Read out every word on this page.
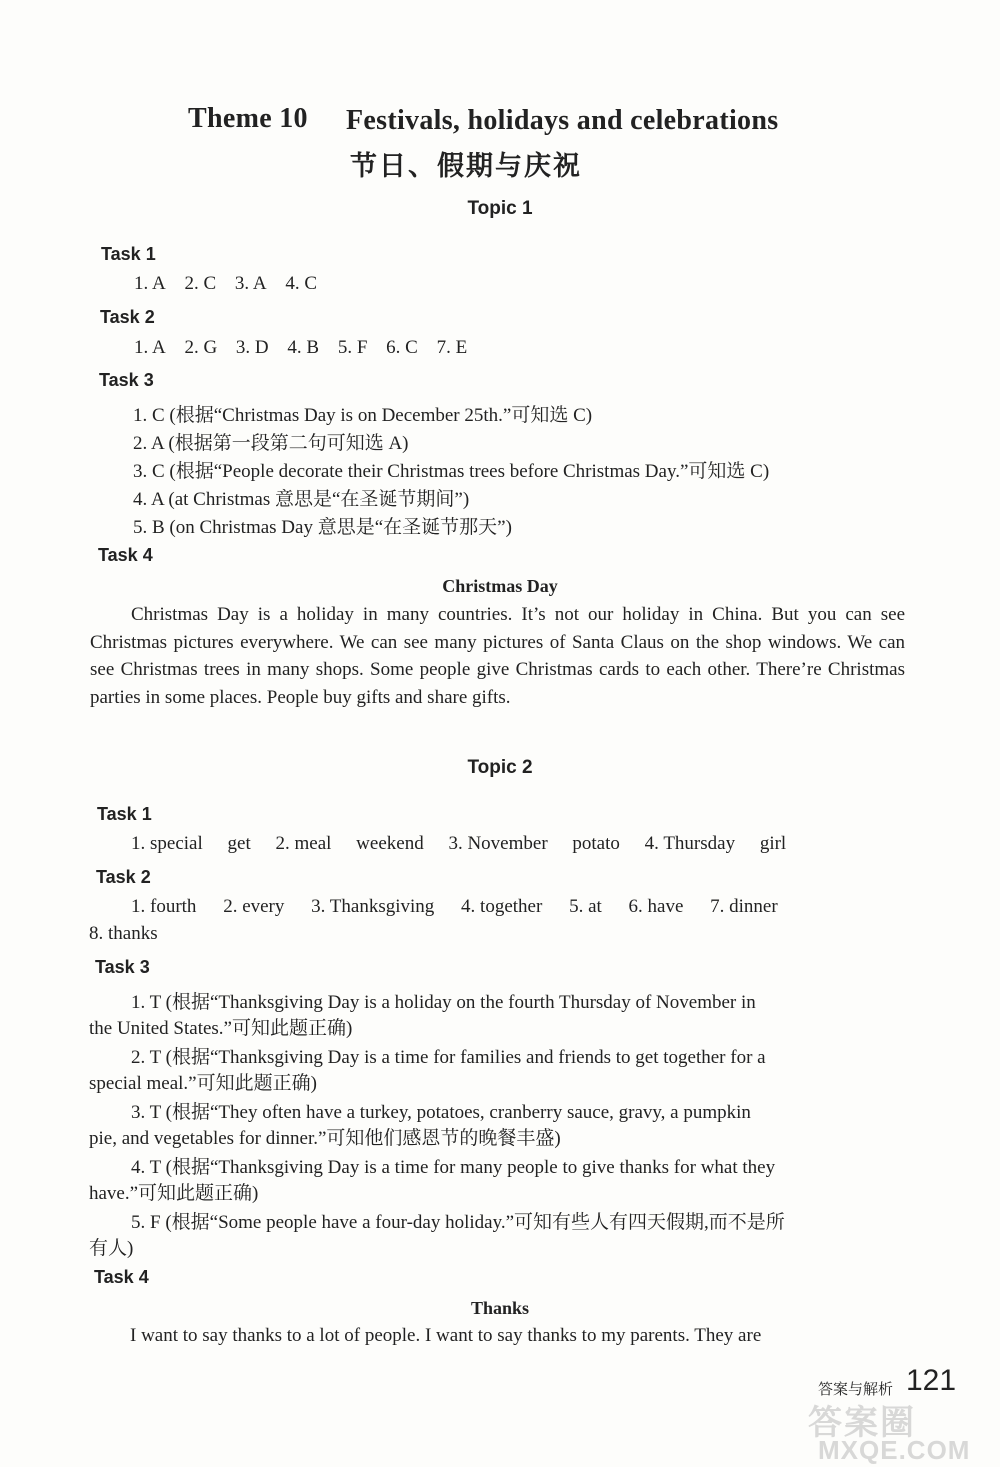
Theme 10 Festivals, holidays and celebrations
节日、假期与庆祝
Topic 1
Task 1
1. A 2. C 3. A 4. C
Task 2
1. A 2. G 3. D 4. B 5. F 6. C 7. E
Task 3
1. C (根据“Christmas Day is on December 25th.”可知选 C)
2. A (根据第一段第二句可知选 A)
3. C (根据“People decorate their Christmas trees before Christmas Day.”可知选 C)
4. A (at Christmas 意思是“在圣诞节期间”)
5. B (on Christmas Day 意思是“在圣诞节那天”)
Task 4
Christmas Day
Christmas Day is a holiday in many countries. It’s not our holiday in China. But you can see Christmas pictures everywhere. We can see many pictures of Santa Claus on the shop windows. We can see Christmas trees in many shops. Some people give Christmas cards to each other. There’re Christmas parties in some places. People buy gifts and share gifts.
Topic 2
Task 1
1. special get 2. meal weekend 3. November potato 4. Thursday girl
Task 2
1. fourth 2. every 3. Thanksgiving 4. together 5. at 6. have 7. dinner
8. thanks
Task 3
1. T (根据“Thanksgiving Day is a holiday on the fourth Thursday of November in
the United States.”可知此题正确)
2. T (根据“Thanksgiving Day is a time for families and friends to get together for a
special meal.”可知此题正确)
3. T (根据“They often have a turkey, potatoes, cranberry sauce, gravy, a pumpkin
pie, and vegetables for dinner.”可知他们感恩节的晚餐丰盛)
4. T (根据“Thanksgiving Day is a time for many people to give thanks for what they
have.”可知此题正确)
5. F (根据“Some people have a four-day holiday.”可知有些人有四天假期,而不是所
有人)
Task 4
Thanks
I want to say thanks to a lot of people. I want to say thanks to my parents. They are
答案与解析 121
答案圈
MXQE.COM
